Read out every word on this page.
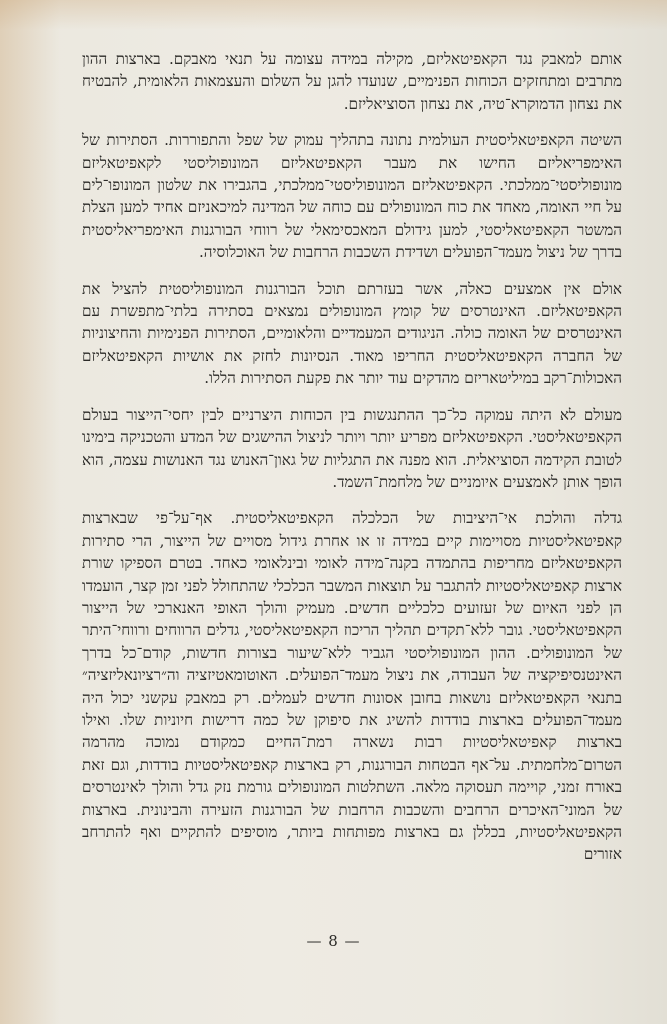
אותם למאבק נגד הקאפיטאליזם, מקילה במידה עצומה על תנאי מאבקם. בארצות ההון מתרבים ומתחזקים הכוחות הפנימיים, שנועדו להגן על השלום והעצמאות הלאומית, להבטיח את נצחון הדמוקרא־טיה, את נצחון הסוציאליזם.

השיטה הקאפיטאליסטית העולמית נתונה בתהליך עמוק של שפל והתפוררות. הסתירות של האימפריאליזם החישו את מעבר הקאפיטאליזם המונופוליסטי לקאפיטאליזם מונופוליסטי־ממלכתי. הקאפיטאליזם המונופוליסטי־ממלכתי, בהגבירו את שלטון המונופו־לים על חיי האומה, מאחד את כוח המונופולים עם כוחה של המדינה למיכאניזם אחיד למען הצלת המשטר הקאפיטאליסטי, למען גידולם המאכסימאלי של רווחי הבורגנות האימפריאליסטית בדרך של ניצול מעמד־הפועלים ושדידת השכבות הרחבות של האוכלוסיה.

אולם אין אמצעים כאלה, אשר בעזרתם תוכל הבורגנות המונופוליסטית להציל את הקאפיטאליזם. האינטרסים של קומץ המונופולים נמצאים בסתירה בלתי־מתפשרת עם האינטרסים של האומה כולה. הניגודים המעמדיים והלאומיים, הסתירות הפנימיות והחיצוניות של החברה הקאפיטאליסטית החריפו מאוד. הנסיונות לחזק את אושיות הקאפיטאליזם האכולות־רקב במיליטאריזם מהדקים עוד יותר את פקעת הסתירות הללו.

מעולם לא היתה עמוקה כל־כך ההתנגשות בין הכוחות היצרניים לבין יחסי־הייצור בעולם הקאפיטאליסטי. הקאפיטאליזם מפריע יותר ויותר לניצול ההישגים של המדע והטכניקה בימינו לטובת הקידמה הסוציאלית. הוא מפנה את התגליות של גאון־האנוש נגד האנושות עצמה, הוא הופך אותן לאמצעים איומניים של מלחמת־השמד.

גדלה והולכת אי־היציבות של הכלכלה הקאפיטאליסטית. אף־על־פי שבארצות קאפיטאליסטיות מסויימות קיים במידה זו או אחרת גידול מסויים של הייצור, הרי סתירות הקאפיטאליזם מחריפות בהתמדה בקנה־מידה לאומי ובינלאומי כאחד. בטרם הספיקו שורת ארצות קאפיטאליסטיות להתגבר על תוצאות המשבר הכלכלי שהתחולל לפני זמן קצר, הועמדו הן לפני האיום של זעזועים כלכליים חדשים. מעמיק והולך האופי האנארכי של הייצור הקאפיטאליסטי. גובר ללא־תקדים תהליך הריכוז הקאפיטאליסטי, גדלים הרווחים ורווחי־היתר של המונופולים. ההון המונופוליסטי הגביר ללא־שיעור בצורות חדשות, קודם־כל בדרך האינטנסיפיקציה של העבודה, את ניצול מעמד־הפועלים. האוטומאטיזציה וה״רציונאליזציה״ בתנאי הקאפיטאליזם נושאות בחובן אסונות חדשים לעמלים. רק במאבק עקשני יכול היה מעמד־הפועלים בארצות בודדות להשיג את סיפוקן של כמה דרישות חיוניות שלו. ואילו בארצות קאפיטאליסטיות רבות נשארה רמת־החיים כמקודם נמוכה מהרמה הטרום־מלחמתית. על־אף הבטחות הבורגנות, רק בארצות קאפיטאליסטיות בודדות, וגם זאת באורח זמני, קויימה תעסוקה מלאה. השתלטות המונופולים גורמת נזק גדל והולך לאינטרסים של המוני־האיכרים הרחבים והשכבות הרחבות של הבורגנות הזעירה והבינונית. בארצות הקאפיטאליסטיות, בכללן גם בארצות מפותחות ביותר, מוסיפים להתקיים ואף להתרחב אזורים

— 8 —
